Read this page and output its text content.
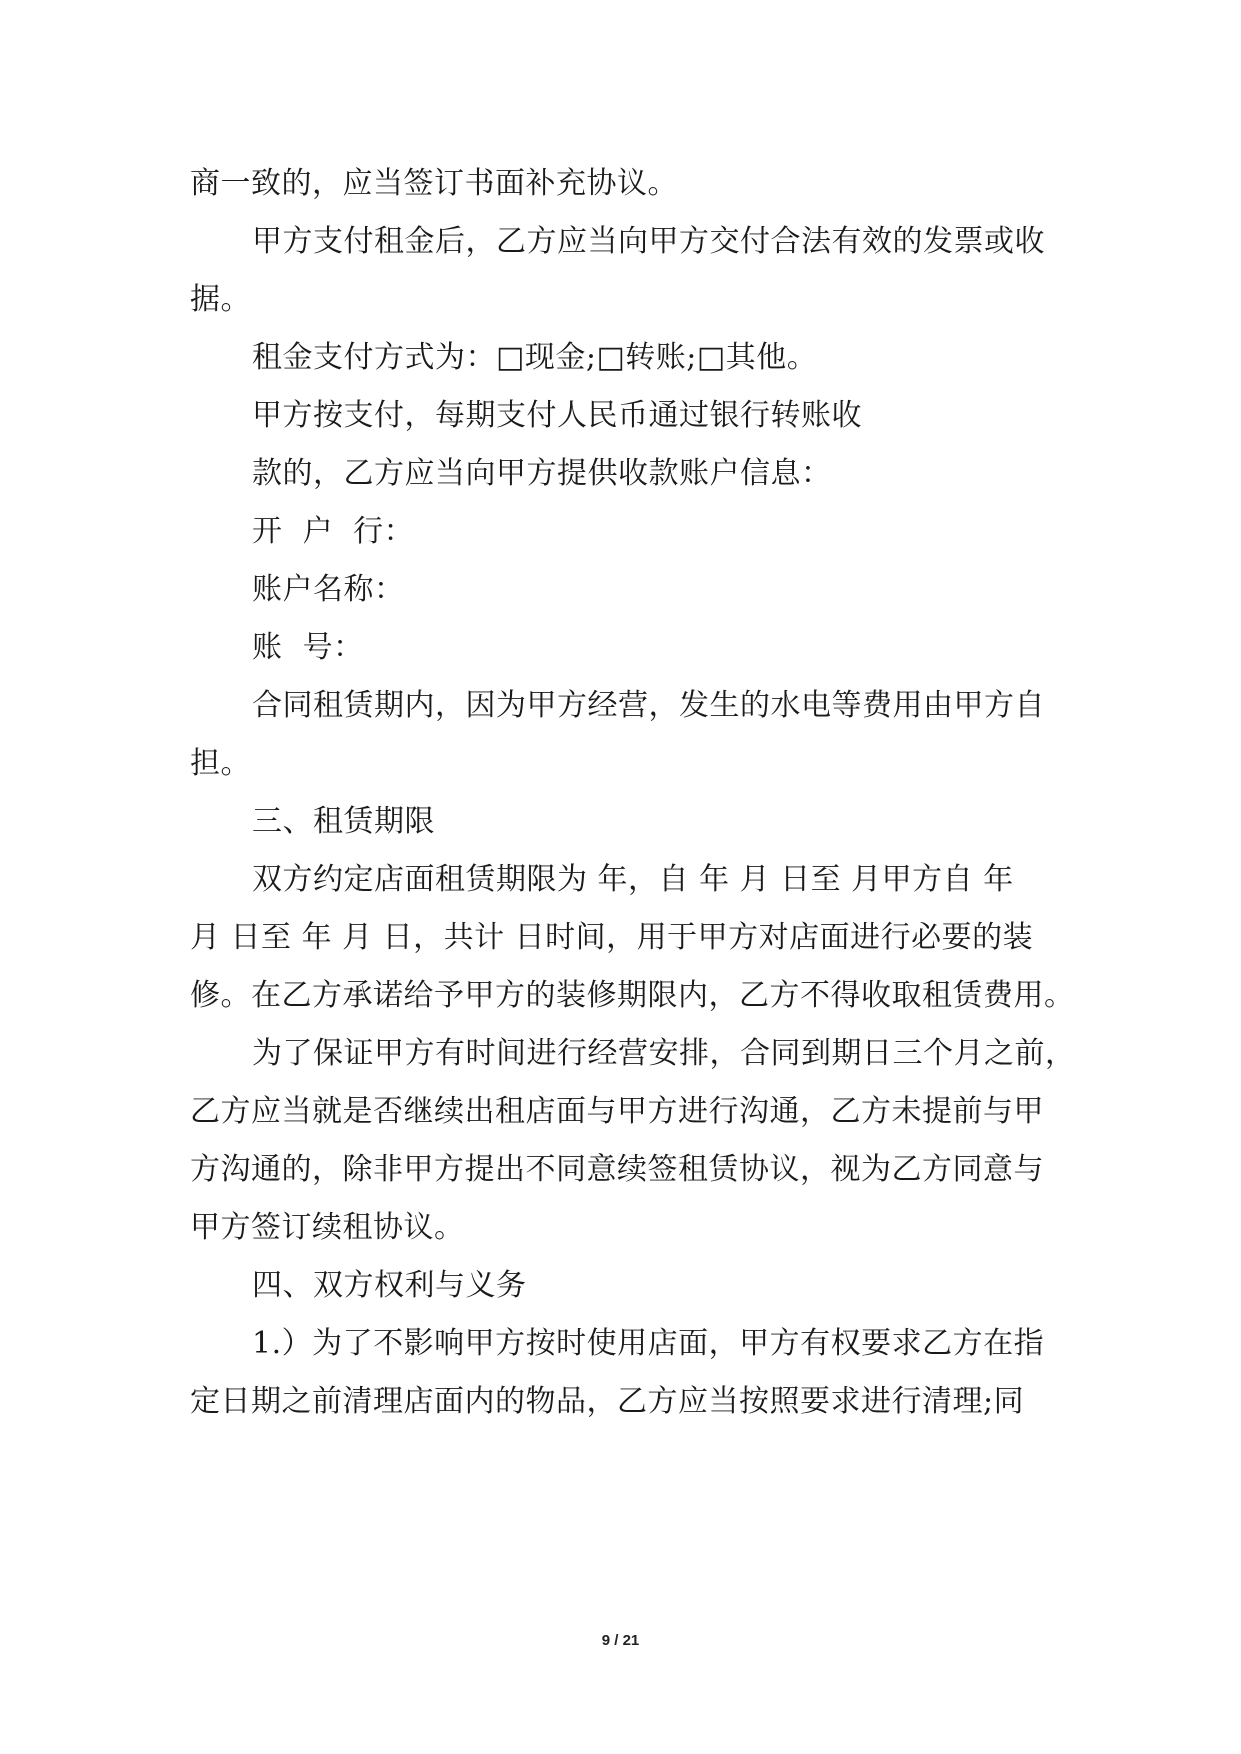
商一致的，应当签订书面补充协议。
甲方支付租金后，乙方应当向甲方交付合法有效的发票或收
据。
租金支付方式为：□现金;□转账;□其他。
甲方按支付，每期支付人民币通过银行转账收
款的，乙方应当向甲方提供收款账户信息：
开  户  行：
账户名称：
账  号：
合同租赁期内，因为甲方经营，发生的水电等费用由甲方自
担。
三、租赁期限
双方约定店面租赁期限为 年，自 年 月 日至 月甲方自 年
月 日至 年 月 日，共计 日时间，用于甲方对店面进行必要的装
修。在乙方承诺给予甲方的装修期限内，乙方不得收取租赁费用。
为了保证甲方有时间进行经营安排，合同到期日三个月之前，
乙方应当就是否继续出租店面与甲方进行沟通，乙方未提前与甲
方沟通的，除非甲方提出不同意续签租赁协议，视为乙方同意与
甲方签订续租协议。
四、双方权利与义务
1.）为了不影响甲方按时使用店面，甲方有权要求乙方在指
定日期之前清理店面内的物品，乙方应当按照要求进行清理;同
9 / 21
